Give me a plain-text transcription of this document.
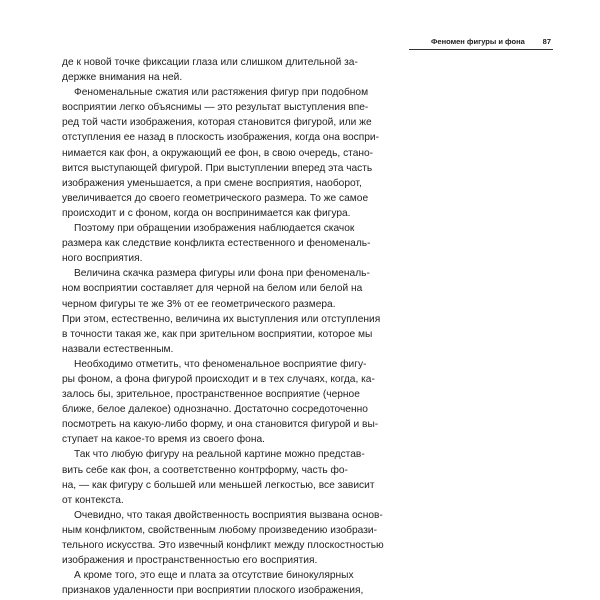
Феномен фигуры и фона 87
де к новой точке фиксации глаза или слишком длительной за-
держке внимания на ней.
Феноменальные сжатия или растяжения фигур при подобном
восприятии легко объяснимы — это результат выступления впе-
ред той части изображения, которая становится фигурой, или же
отступления ее назад в плоскость изображения, когда она воспри-
нимается как фон, а окружающий ее фон, в свою очередь, стано-
вится выступающей фигурой. При выступлении вперед эта часть
изображения уменьшается, а при смене восприятия, наоборот,
увеличивается до своего геометрического размера. То же самое
происходит и с фоном, когда он воспринимается как фигура.
Поэтому при обращении изображения наблюдается скачок
размера как следствие конфликта естественного и феноменаль-
ного восприятия.
Величина скачка размера фигуры или фона при феноменаль-
ном восприятии составляет для черной на белом или белой на
черном фигуры те же 3% от ее геометрического размера.
При этом, естественно, величина их выступления или отступления
в точности такая же, как при зрительном восприятии, которое мы
назвали естественным.
Необходимо отметить, что феноменальное восприятие фигу-
ры фоном, а фона фигурой происходит и в тех случаях, когда, ка-
залось бы, зрительное, пространственное восприятие (черное
ближе, белое далекое) однозначно. Достаточно сосредоточенно
посмотреть на какую-либо форму, и она становится фигурой и вы-
ступает на какое-то время из своего фона.
Так что любую фигуру на реальной картине можно представ-
вить себе как фон, а соответственно контрформу, часть фо-
на, — как фигуру с большей или меньшей легкостью, все зависит
от контекста.
Очевидно, что такая двойственность восприятия вызвана основ-
ным конфликтом, свойственным любому произведению изобрази-
тельного искусства. Это извечный конфликт между плоскостностью
изображения и пространственностью его восприятия.
А кроме того, это еще и плата за отсутствие бинокулярных
признаков удаленности при восприятии плоского изображения,
